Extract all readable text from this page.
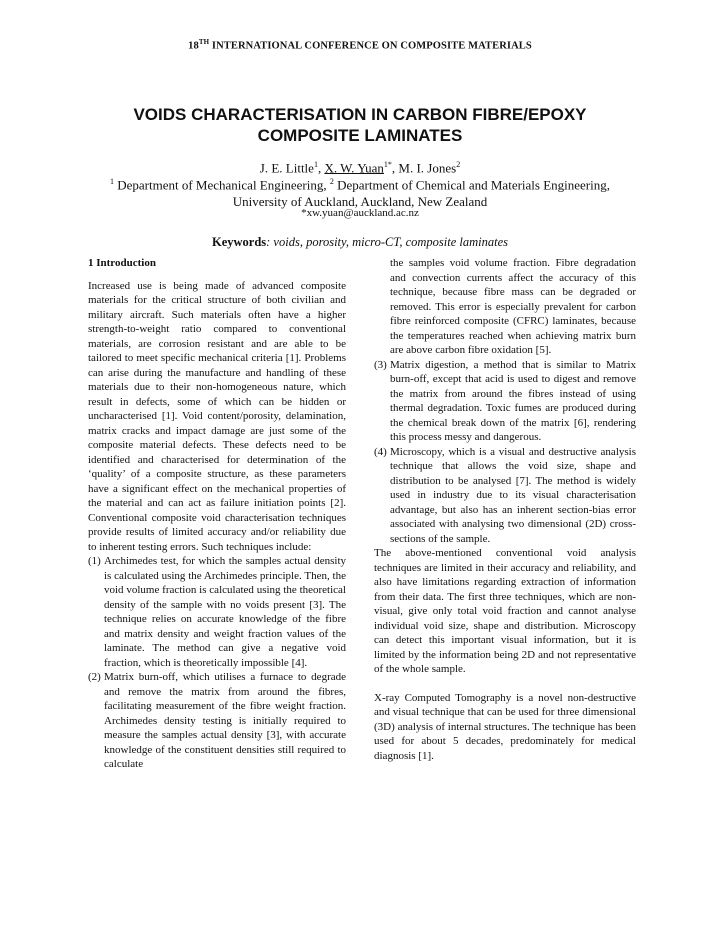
18TH INTERNATIONAL CONFERENCE ON COMPOSITE MATERIALS
VOIDS CHARACTERISATION IN CARBON FIBRE/EPOXY
COMPOSITE LAMINATES
J. E. Little$^1$, X. W. Yuan$^{1*}$, M. I. Jones$^2$
$^1$ Department of Mechanical Engineering, $^2$ Department of Chemical and Materials Engineering,
University of Auckland, Auckland, New Zealand
*xw.yuan@auckland.ac.nz
Keywords: voids, porosity, micro-CT, composite laminates
1 Introduction

Increased use is being made of advanced composite materials for the critical structure of both civilian and military aircraft. Such materials often have a higher strength-to-weight ratio compared to conventional materials, are corrosion resistant and are able to be tailored to meet specific mechanical criteria [1]. Problems can arise during the manufacture and handling of these materials due to their non-homogeneous nature, which result in defects, some of which can be hidden or uncharacterised [1]. Void content/porosity, delamination, matrix cracks and impact damage are just some of the composite material defects. These defects need to be identified and characterised for determination of the ‘quality’ of a composite structure, as these parameters have a significant effect on the mechanical properties of the material and can act as failure initiation points [2]. Conventional composite void characterisation techniques provide results of limited accuracy and/or reliability due to inherent testing errors. Such techniques include:

(1) Archimedes test, for which the samples actual density is calculated using the Archimedes principle. Then, the void volume fraction is calculated using the theoretical density of the sample with no voids present [3]. The technique relies on accurate knowledge of the fibre and matrix density and weight fraction values of the laminate. The method can give a negative void fraction, which is theoretically impossible [4].
(2) Matrix burn-off, which utilises a furnace to degrade and remove the matrix from around the fibres, facilitating measurement of the fibre weight fraction. Archimedes density testing is initially required to measure the samples actual density [3], with accurate knowledge of the constituent densities still required to calculate
the samples void volume fraction. Fibre degradation and convection currents affect the accuracy of this technique, because fibre mass can be degraded or removed. This error is especially prevalent for carbon fibre reinforced composite (CFRC) laminates, because the temperatures reached when achieving matrix burn are above carbon fibre oxidation [5].
(3) Matrix digestion, a method that is similar to Matrix burn-off, except that acid is used to digest and remove the matrix from around the fibres instead of using thermal degradation. Toxic fumes are produced during the chemical break down of the matrix [6], rendering this process messy and dangerous.
(4) Microscopy, which is a visual and destructive analysis technique that allows the void size, shape and distribution to be analysed [7]. The method is widely used in industry due to its visual characterisation advantage, but also has an inherent section-bias error associated with analysing two dimensional (2D) cross-sections of the sample.

The above-mentioned conventional void analysis techniques are limited in their accuracy and reliability, and also have limitations regarding extraction of information from their data. The first three techniques, which are non-visual, give only total void fraction and cannot analyse individual void size, shape and distribution. Microscopy can detect this important visual information, but it is limited by the information being 2D and not representative of the whole sample.

X-ray Computed Tomography is a novel non-destructive and visual technique that can be used for three dimensional (3D) analysis of internal structures. The technique has been used for about 5 decades, predominately for medical diagnosis [1].
